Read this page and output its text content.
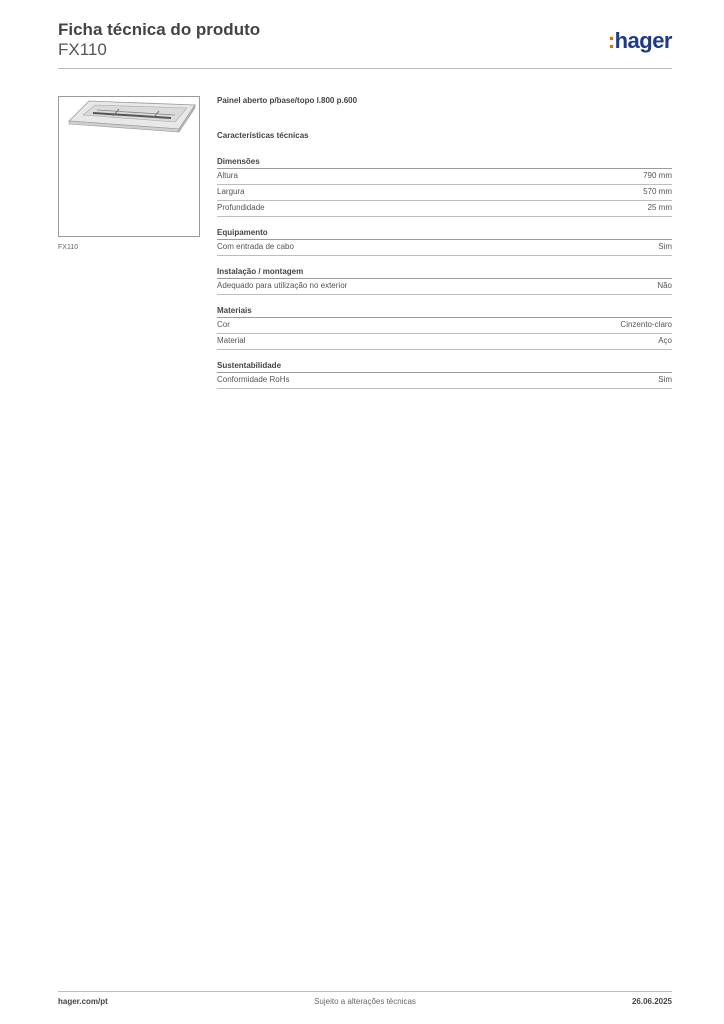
Ficha técnica do produto
FX110	:hager
FX110
Painel aberto p/base/topo l.800 p.600
Características técnicas
Dimensões
Altura	790 mm
Largura	570 mm
Profundidade	25 mm
Equipamento
Com entrada de cabo	Sim
Instalação / montagem
Adequado para utilização no exterior	Não
Materiais
Cor	Cinzento-claro
Material	Aço
Sustentabilidade
Conformidade RoHs	Sim
hager.com/pt	Sujeito a alterações técnicas	26.06.2025
